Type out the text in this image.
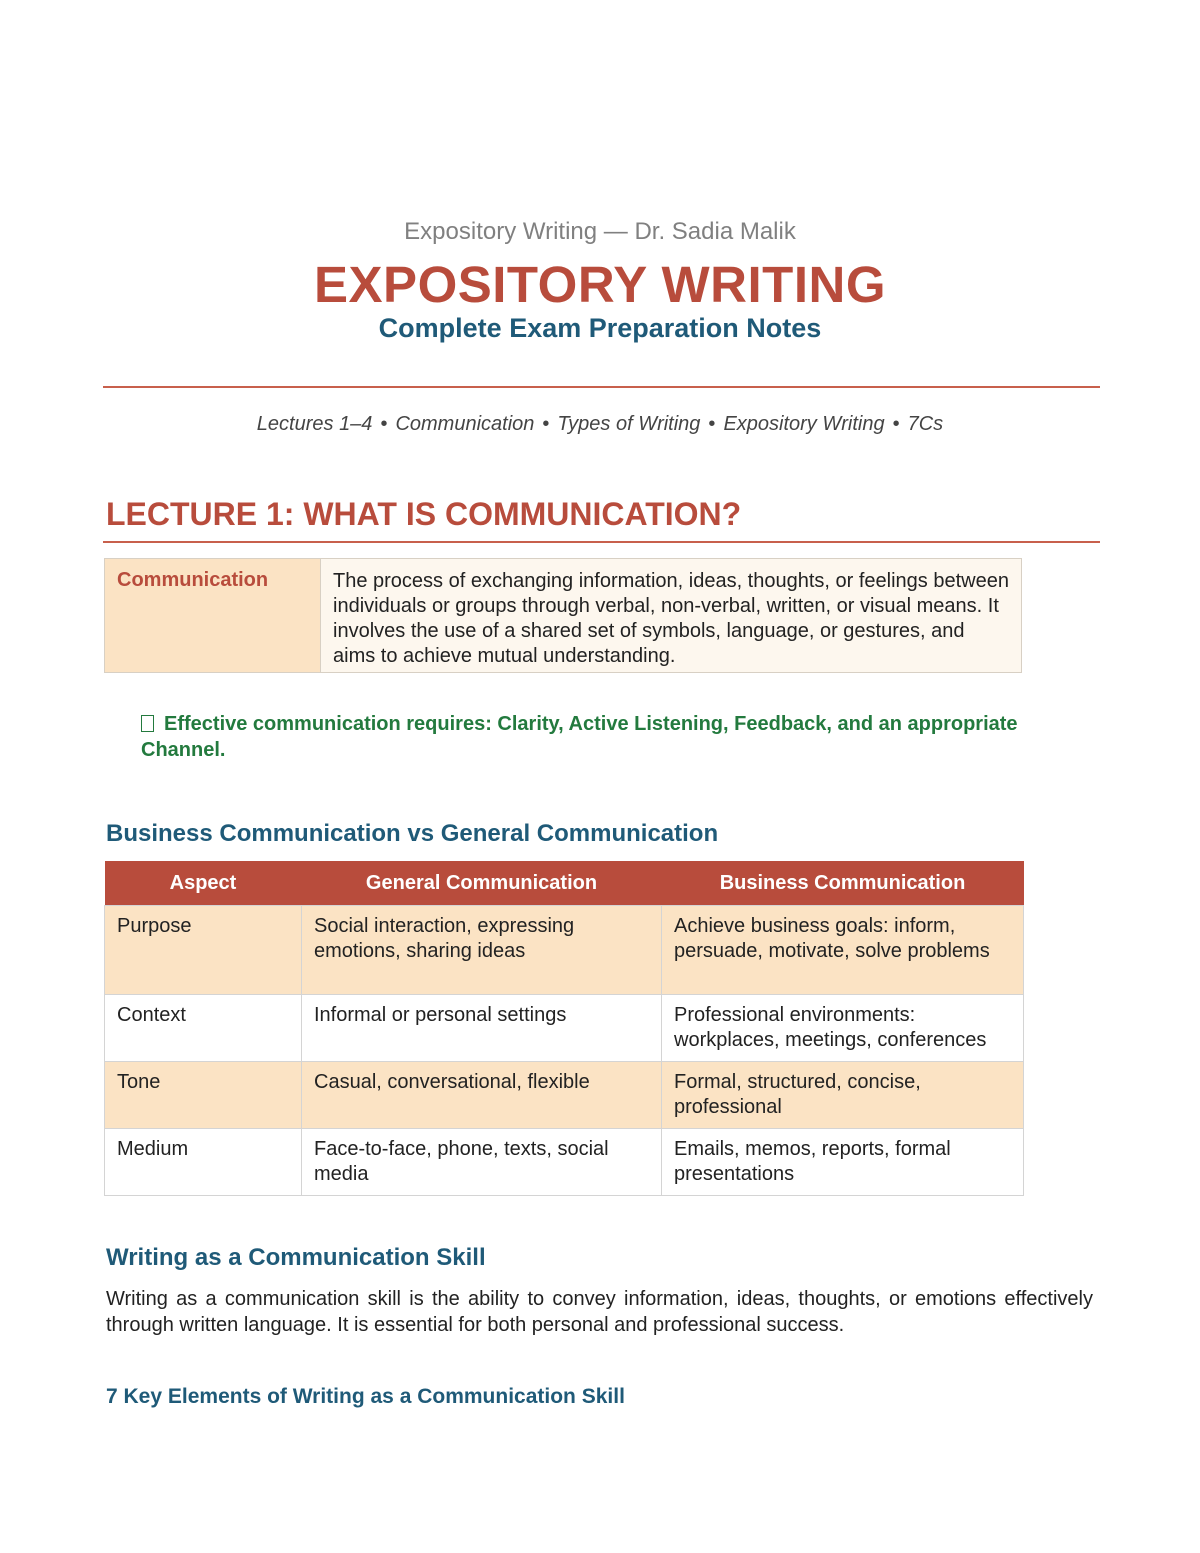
Expository Writing — Dr. Sadia Malik
EXPOSITORY WRITING
Complete Exam Preparation Notes
Lectures 1–4 • Communication • Types of Writing • Expository Writing • 7Cs
LECTURE 1: WHAT IS COMMUNICATION?
Communication	The process of exchanging information, ideas, thoughts, or feelings between individuals or groups through verbal, non-verbal, written, or visual means. It involves the use of a shared set of symbols, language, or gestures, and aims to achieve mutual understanding.
Effective communication requires: Clarity, Active Listening, Feedback, and an appropriate Channel.
Business Communication vs General Communication
Aspect	General Communication	Business Communication
Purpose	Social interaction, expressing emotions, sharing ideas	Achieve business goals: inform, persuade, motivate, solve problems
Context	Informal or personal settings	Professional environments: workplaces, meetings, conferences
Tone	Casual, conversational, flexible	Formal, structured, concise, professional
Medium	Face-to-face, phone, texts, social media	Emails, memos, reports, formal presentations
Writing as a Communication Skill
Writing as a communication skill is the ability to convey information, ideas, thoughts, or emotions effectively through written language. It is essential for both personal and professional success.
7 Key Elements of Writing as a Communication Skill
